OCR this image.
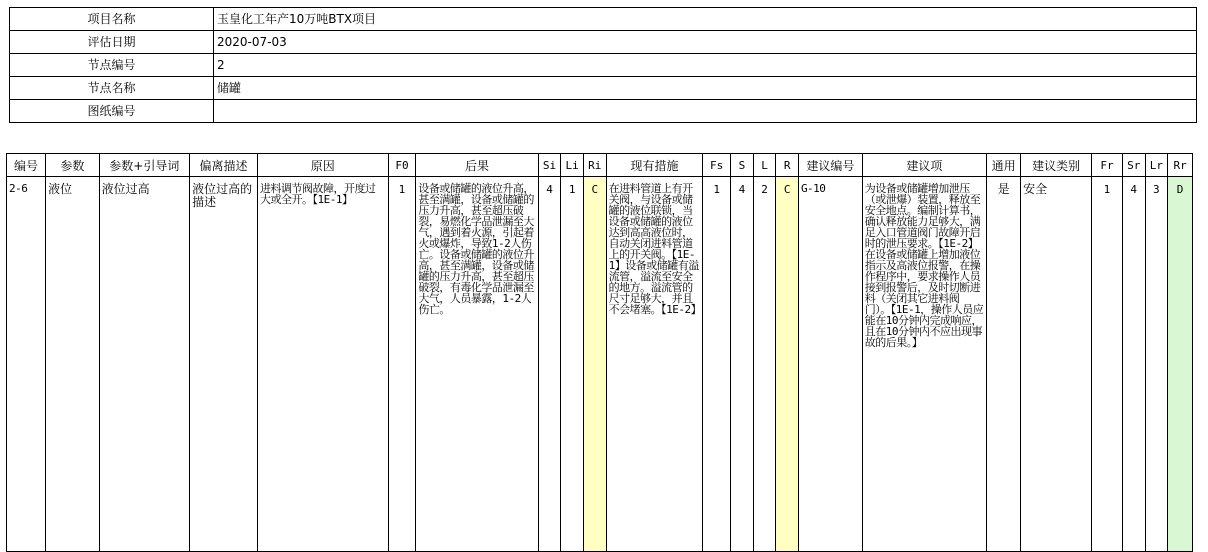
项目名称	玉皇化工年产10万吨BTX项目
评估日期	2020-07-03
节点编号	2
节点名称	储罐
图纸编号	
编号	参数	参数+引导词	偏离描述	原因	F0	后果	Si	Li	Ri	现有措施	Fs	S	L	R	建议编号	建议项	通用	建议类别	Fr	Sr	Lr	Rr
2-6	液位	液位过高	液位过高的描述	进料调节阀故障，开度过大或全开。【1E-1】	1	设备或储罐的液位升高，甚至满罐，设备或储罐的压力升高，甚至超压破裂，易燃化学品泄漏至大气，遇到着火源，引起着火或爆炸，导致1-2人伤亡。设备或储罐的液位升高，甚至满罐，设备或储罐的压力升高，甚至超压破裂，有毒化学品泄漏至大气，人员暴露，1-2人伤亡。	4	1	C	在进料管道上有开关阀，与设备或储罐的液位联锁，当设备或储罐的液位达到高高液位时，自动关闭进料管道上的开关阀。【1E-1】设备或储罐有溢流管，溢流至安全的地方。溢流管的尺寸足够大，并且不会堵塞。【1E-2】	1	4	2	C	G-10	为设备或储罐增加泄压（或泄爆）装置，释放至安全地点。编制计算书，确认释放能力足够大，满足入口管道阀门故障开启时的泄压要求。【1E-2】在设备或储罐上增加液位指示及高液位报警，在操作程序中，要求操作人员接到报警后，及时切断进料（关闭其它进料阀门）。【1E-1，操作人员应能在10分钟内完成响应，且在10分钟内不应出现事故的后果。】	是	安全	1	4	3	D
